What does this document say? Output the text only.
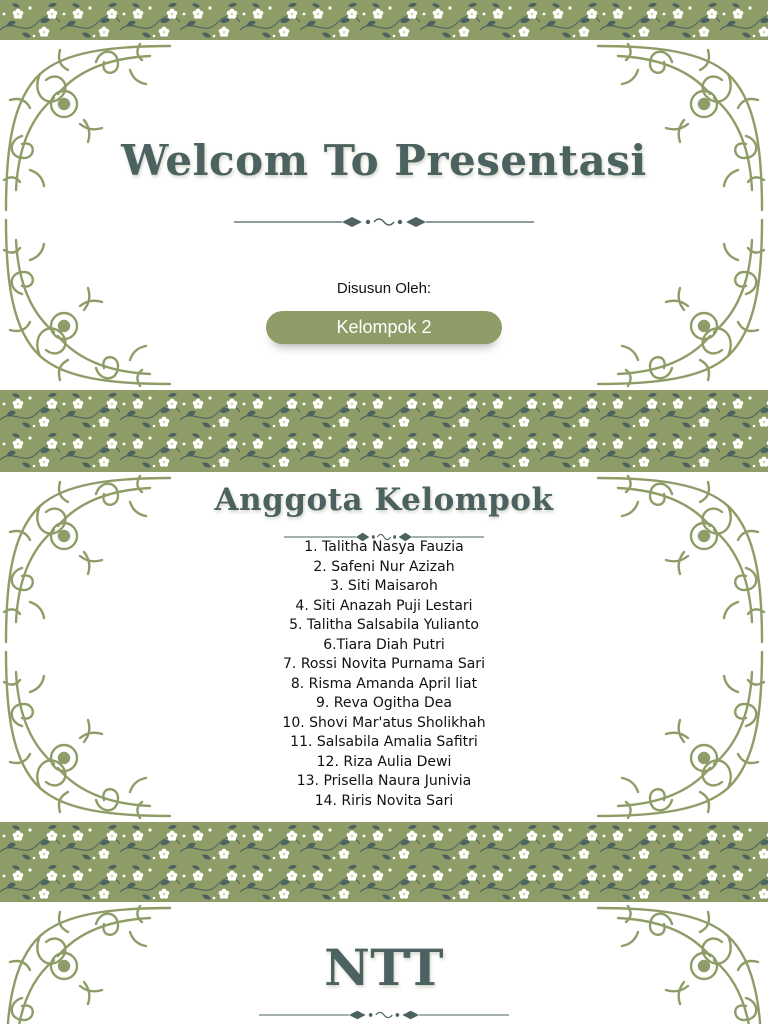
Welcom To Presentasi
Disusun Oleh:
Kelompok 2
Anggota Kelompok
1. Talitha Nasya Fauzia
2. Safeni Nur Azizah
3. Siti Maisaroh
4. Siti Anazah Puji Lestari
5. Talitha Salsabila Yulianto
6.Tiara Diah Putri
7. Rossi Novita Purnama Sari
8. Risma Amanda April liat
9. Reva Ogitha Dea
10. Shovi Mar'atus Sholikhah
11. Salsabila Amalia Safitri
12. Riza Aulia Dewi
13. Prisella Naura Junivia
14. Riris Novita Sari
NTT
